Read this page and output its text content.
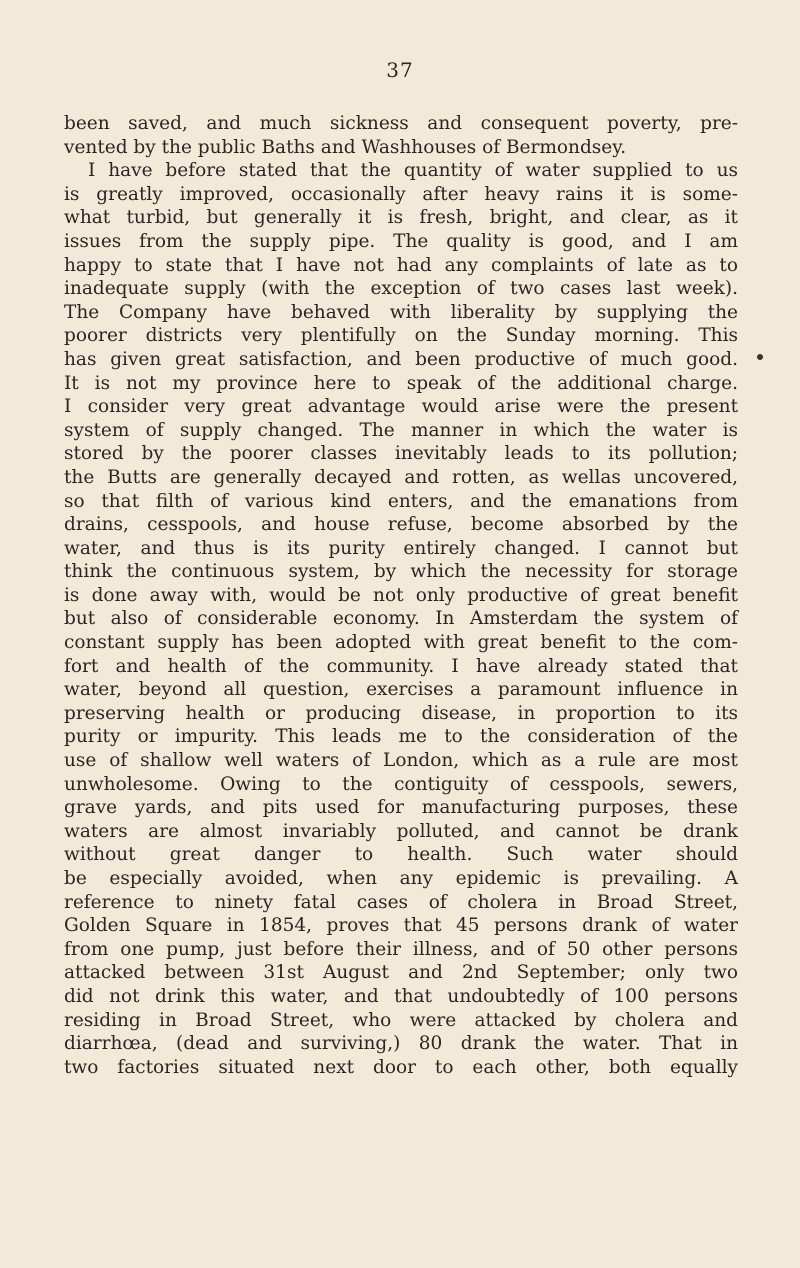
37
been saved, and much sickness and consequent poverty, pre-
vented by the public Baths and Washhouses of Bermondsey.
I have before stated that the quantity of water supplied to us
is greatly improved, occasionally after heavy rains it is some-
what turbid, but generally it is fresh, bright, and clear, as it
issues from the supply pipe. The quality is good, and I am
happy to state that I have not had any complaints of late as to
inadequate supply (with the exception of two cases last week).
The Company have behaved with liberality by supplying the
poorer districts very plentifully on the Sunday morning. This
has given great satisfaction, and been productive of much good.
It is not my province here to speak of the additional charge.
I consider very great advantage would arise were the present
system of supply changed. The manner in which the water is
stored by the poorer classes inevitably leads to its pollution;
the Butts are generally decayed and rotten, as wellas uncovered,
so that filth of various kind enters, and the emanations from
drains, cesspools, and house refuse, become absorbed by the
water, and thus is its purity entirely changed. I cannot but
think the continuous system, by which the necessity for storage
is done away with, would be not only productive of great benefit
but also of considerable economy. In Amsterdam the system of
constant supply has been adopted with great benefit to the com-
fort and health of the community. I have already stated that
water, beyond all question, exercises a paramount influence in
preserving health or producing disease, in proportion to its
purity or impurity. This leads me to the consideration of the
use of shallow well waters of London, which as a rule are most
unwholesome. Owing to the contiguity of cesspools, sewers,
grave yards, and pits used for manufacturing purposes, these
waters are almost invariably polluted, and cannot be drank
without great danger to health. Such water should
be especially avoided, when any epidemic is prevailing. A
reference to ninety fatal cases of cholera in Broad Street,
Golden Square in 1854, proves that 45 persons drank of water
from one pump, just before their illness, and of 50 other persons
attacked between 31st August and 2nd September; only two
did not drink this water, and that undoubtedly of 100 persons
residing in Broad Street, who were attacked by cholera and
diarrhœa, (dead and surviving,) 80 drank the water. That in
two factories situated next door to each other, both equally
